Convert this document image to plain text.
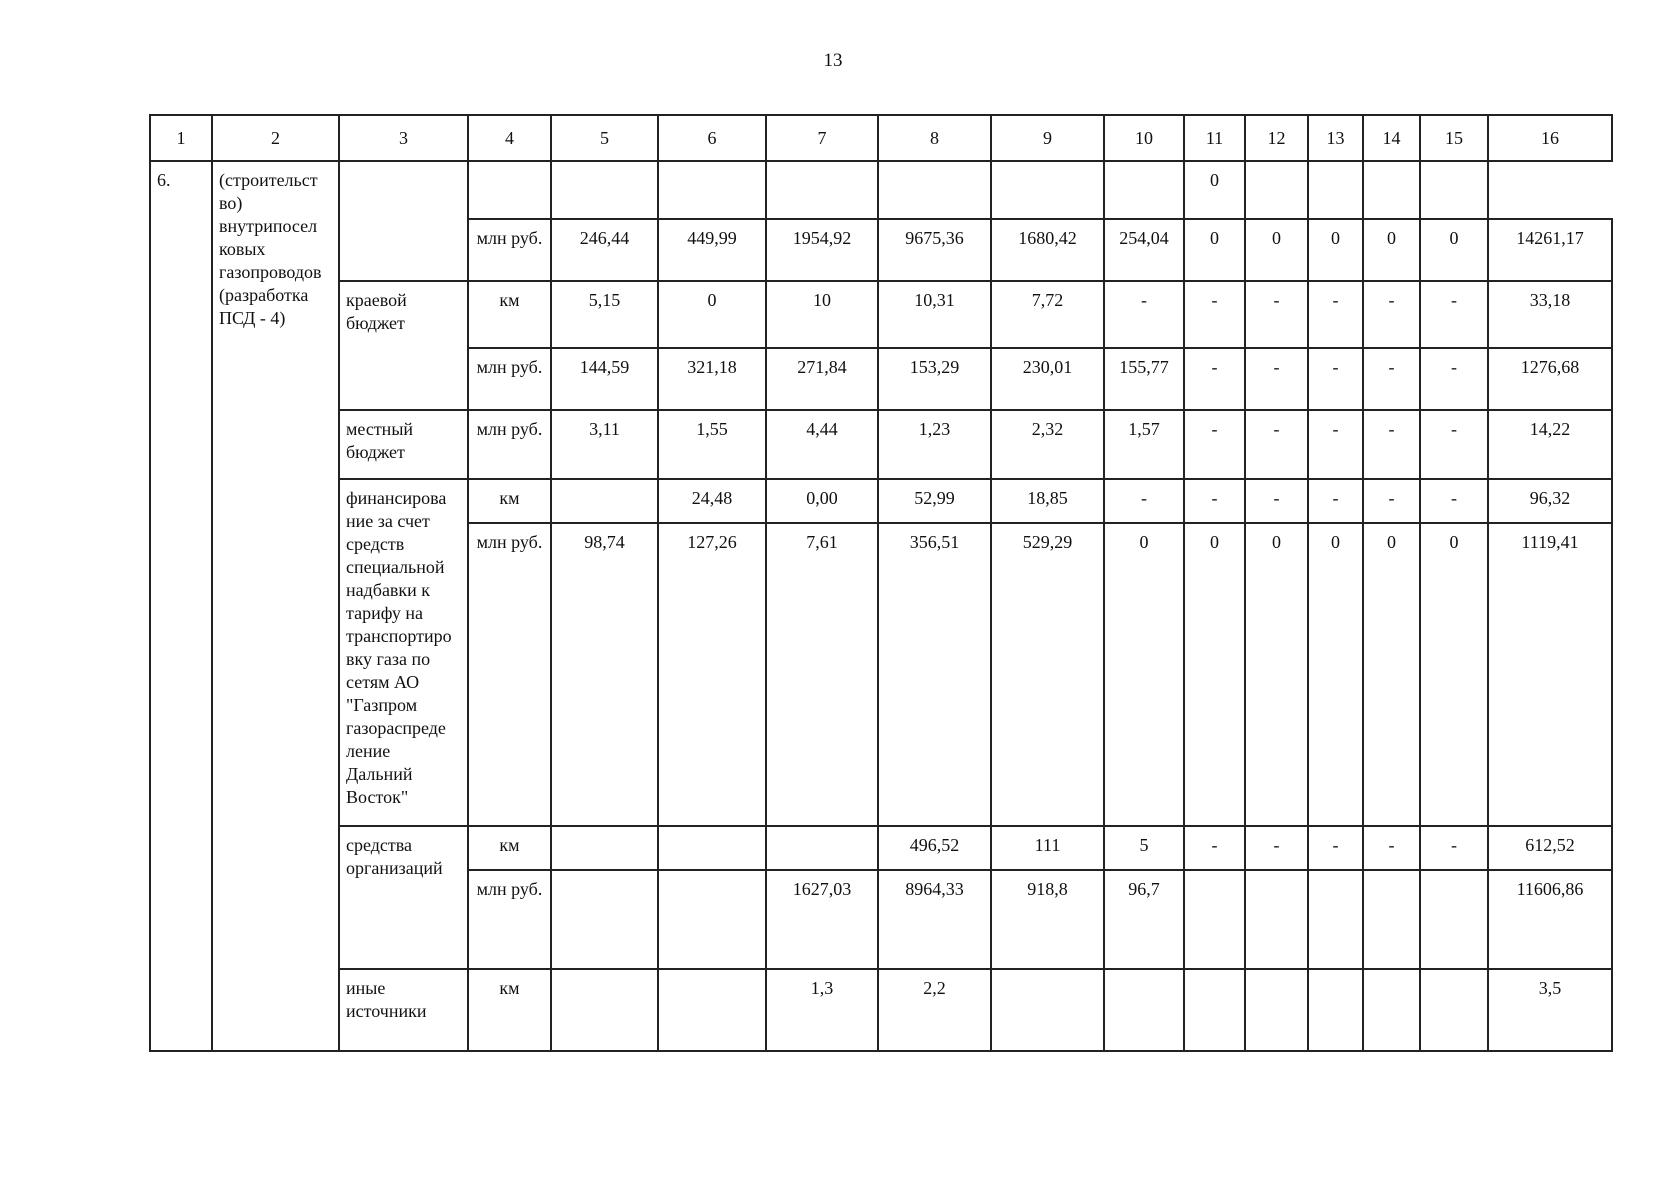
13
1	2	3	4	5	6	7	8	9	10	11	12	13	14	15	16
6.	(строительст во) внутрипосел ковых газопроводов (разработка ПСД - 4)									0					
			млн руб.	246,44	449,99	1954,92	9675,36	1680,42	254,04	0	0	0	0	0	14261,17
		краевой бюджет	км	5,15	0	10	10,31	7,72	-	-	-	-	-	-	33,18
			млн руб.	144,59	321,18	271,84	153,29	230,01	155,77	-	-	-	-	-	1276,68
		местный бюджет	млн руб.	3,11	1,55	4,44	1,23	2,32	1,57	-	-	-	-	-	14,22
		финансирова ние за счет средств специальной надбавки к тарифу на транспортиро вку газа по сетям АО "Газпром газораспреде ление Дальний Восток"	км		24,48	0,00	52,99	18,85	-	-	-	-	-	-	96,32
			млн руб.	98,74	127,26	7,61	356,51	529,29	0	0	0	0	0	0	1119,41
		средства организаций	км				496,52	111	5	-	-	-	-	-	612,52
			млн руб.			1627,03	8964,33	918,8	96,7						11606,86
		иные источники	км			1,3	2,2								3,5
